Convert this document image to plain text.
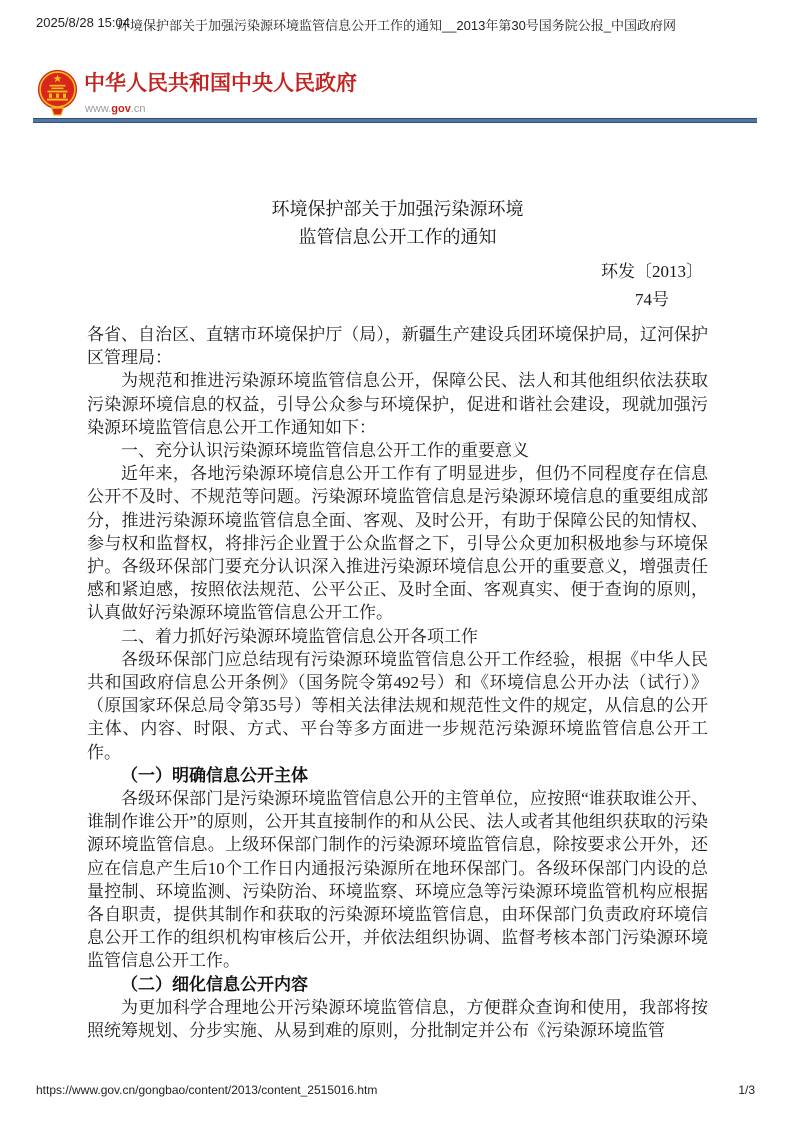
2025/8/28 15:04
环境保护部关于加强污染源环境监管信息公开工作的通知__2013年第30号国务院公报_中国政府网
中华人民共和国中央人民政府
www.gov.cn
环境保护部关于加强污染源环境
监管信息公开工作的通知
环发〔2013〕
74号

各省、自治区、直辖市环境保护厅（局），新疆生产建设兵团环境保护局，辽河保护区管理局：

为规范和推进污染源环境监管信息公开，保障公民、法人和其他组织依法获取污染源环境信息的权益，引导公众参与环境保护，促进和谐社会建设，现就加强污染源环境监管信息公开工作通知如下：

一、充分认识污染源环境监管信息公开工作的重要意义

近年来，各地污染源环境信息公开工作有了明显进步，但仍不同程度存在信息公开不及时、不规范等问题。污染源环境监管信息是污染源环境信息的重要组成部分，推进污染源环境监管信息全面、客观、及时公开，有助于保障公民的知情权、参与权和监督权，将排污企业置于公众监督之下，引导公众更加积极地参与环境保护。各级环保部门要充分认识深入推进污染源环境信息公开的重要意义，增强责任感和紧迫感，按照依法规范、公平公正、及时全面、客观真实、便于查询的原则，认真做好污染源环境监管信息公开工作。

二、着力抓好污染源环境监管信息公开各项工作

各级环保部门应总结现有污染源环境监管信息公开工作经验，根据《中华人民共和国政府信息公开条例》（国务院令第492号）和《环境信息公开办法（试行）》（原国家环保总局令第35号）等相关法律法规和规范性文件的规定，从信息的公开主体、内容、时限、方式、平台等多方面进一步规范污染源环境监管信息公开工作。

（一）明确信息公开主体

各级环保部门是污染源环境监管信息公开的主管单位，应按照“谁获取谁公开、谁制作谁公开”的原则，公开其直接制作的和从公民、法人或者其他组织获取的污染源环境监管信息。上级环保部门制作的污染源环境监管信息，除按要求公开外，还应在信息产生后10个工作日内通报污染源所在地环保部门。各级环保部门内设的总量控制、环境监测、污染防治、环境监察、环境应急等污染源环境监管机构应根据各自职责，提供其制作和获取的污染源环境监管信息，由环保部门负责政府环境信息公开工作的组织机构审核后公开，并依法组织协调、监督考核本部门污染源环境监管信息公开工作。

（二）细化信息公开内容

为更加科学合理地公开污染源环境监管信息，方便群众查询和使用，我部将按照统筹规划、分步实施、从易到难的原则，分批制定并公布《污染源环境监管

https://www.gov.cn/gongbao/content/2013/content_2515016.htm	1/3
